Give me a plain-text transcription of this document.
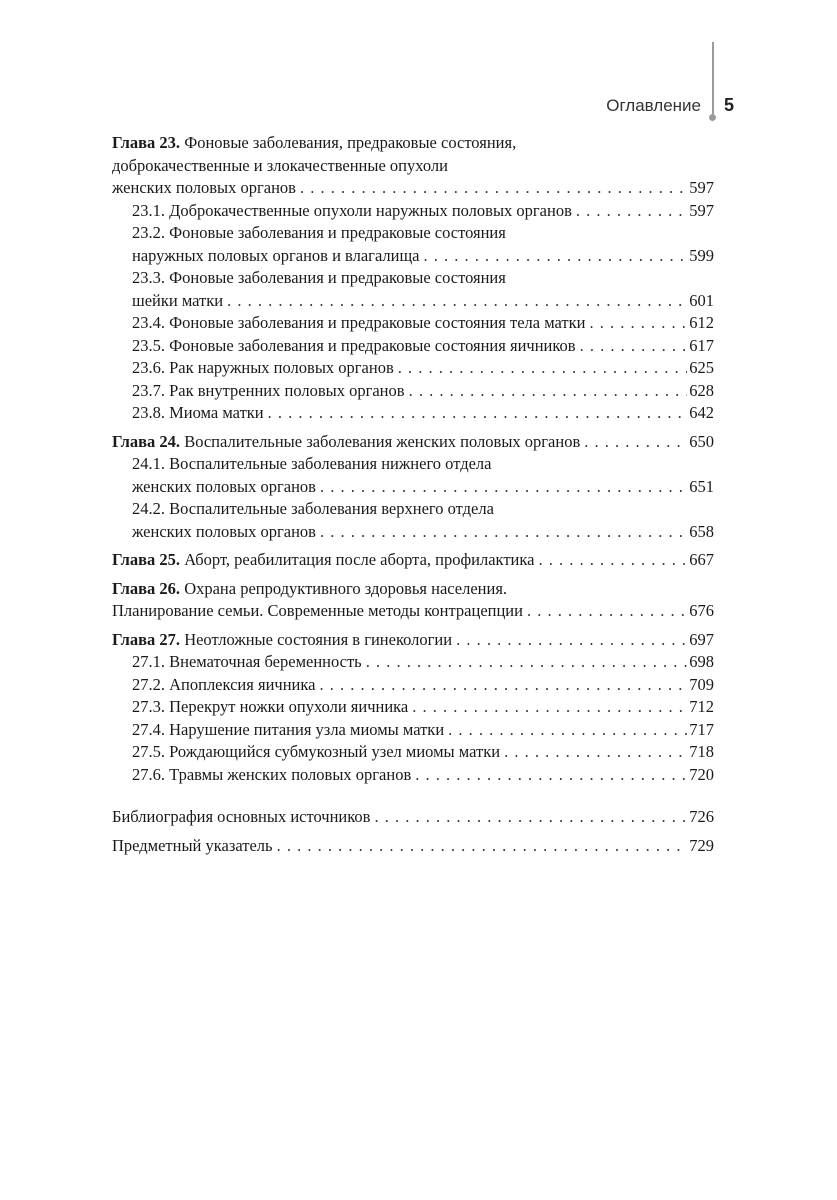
Оглавление 5
Глава 23.
Фоновые заболевания, предраковые состояния,
доброкачественные и злокачественные опухоли
женских половых органов . . .	597
23.1. Доброкачественные опухоли наружных половых органов . . .	597
23.2. Фоновые заболевания и предраковые состояния
наружных половых органов и влагалища . . .	599
23.3. Фоновые заболевания и предраковые состояния
шейки матки . . .	601
23.4. Фоновые заболевания и предраковые состояния тела матки . . .	612
23.5. Фоновые заболевания и предраковые состояния яичников . . .	617
23.6. Рак наружных половых органов . . .	625
23.7. Рак внутренних половых органов . . .	628
23.8. Миома матки . . .	642
Глава 24.
Воспалительные заболевания женских половых органов . . .	650
24.1. Воспалительные заболевания нижнего отдела
женских половых органов . . .	651
24.2. Воспалительные заболевания верхнего отдела
женских половых органов . . .	658
Глава 25.
Аборт, реабилитация после аборта, профилактика . . .	667
Глава 26.
Охрана репродуктивного здоровья населения.
Планирование семьи. Современные методы контрацепции . . .	676
Глава 27.
Неотложные состояния в гинекологии . . .	697
27.1. Внематочная беременность . . .	698
27.2. Апоплексия яичника . . .	709
27.3. Перекрут ножки опухоли яичника . . .	712
27.4. Нарушение питания узла миомы матки . . .	717
27.5. Рождающийся субмукозный узел миомы матки . . .	718
27.6. Травмы женских половых органов . . .	720
Библиография основных источников . . .	726
Предметный указатель . . .	729
